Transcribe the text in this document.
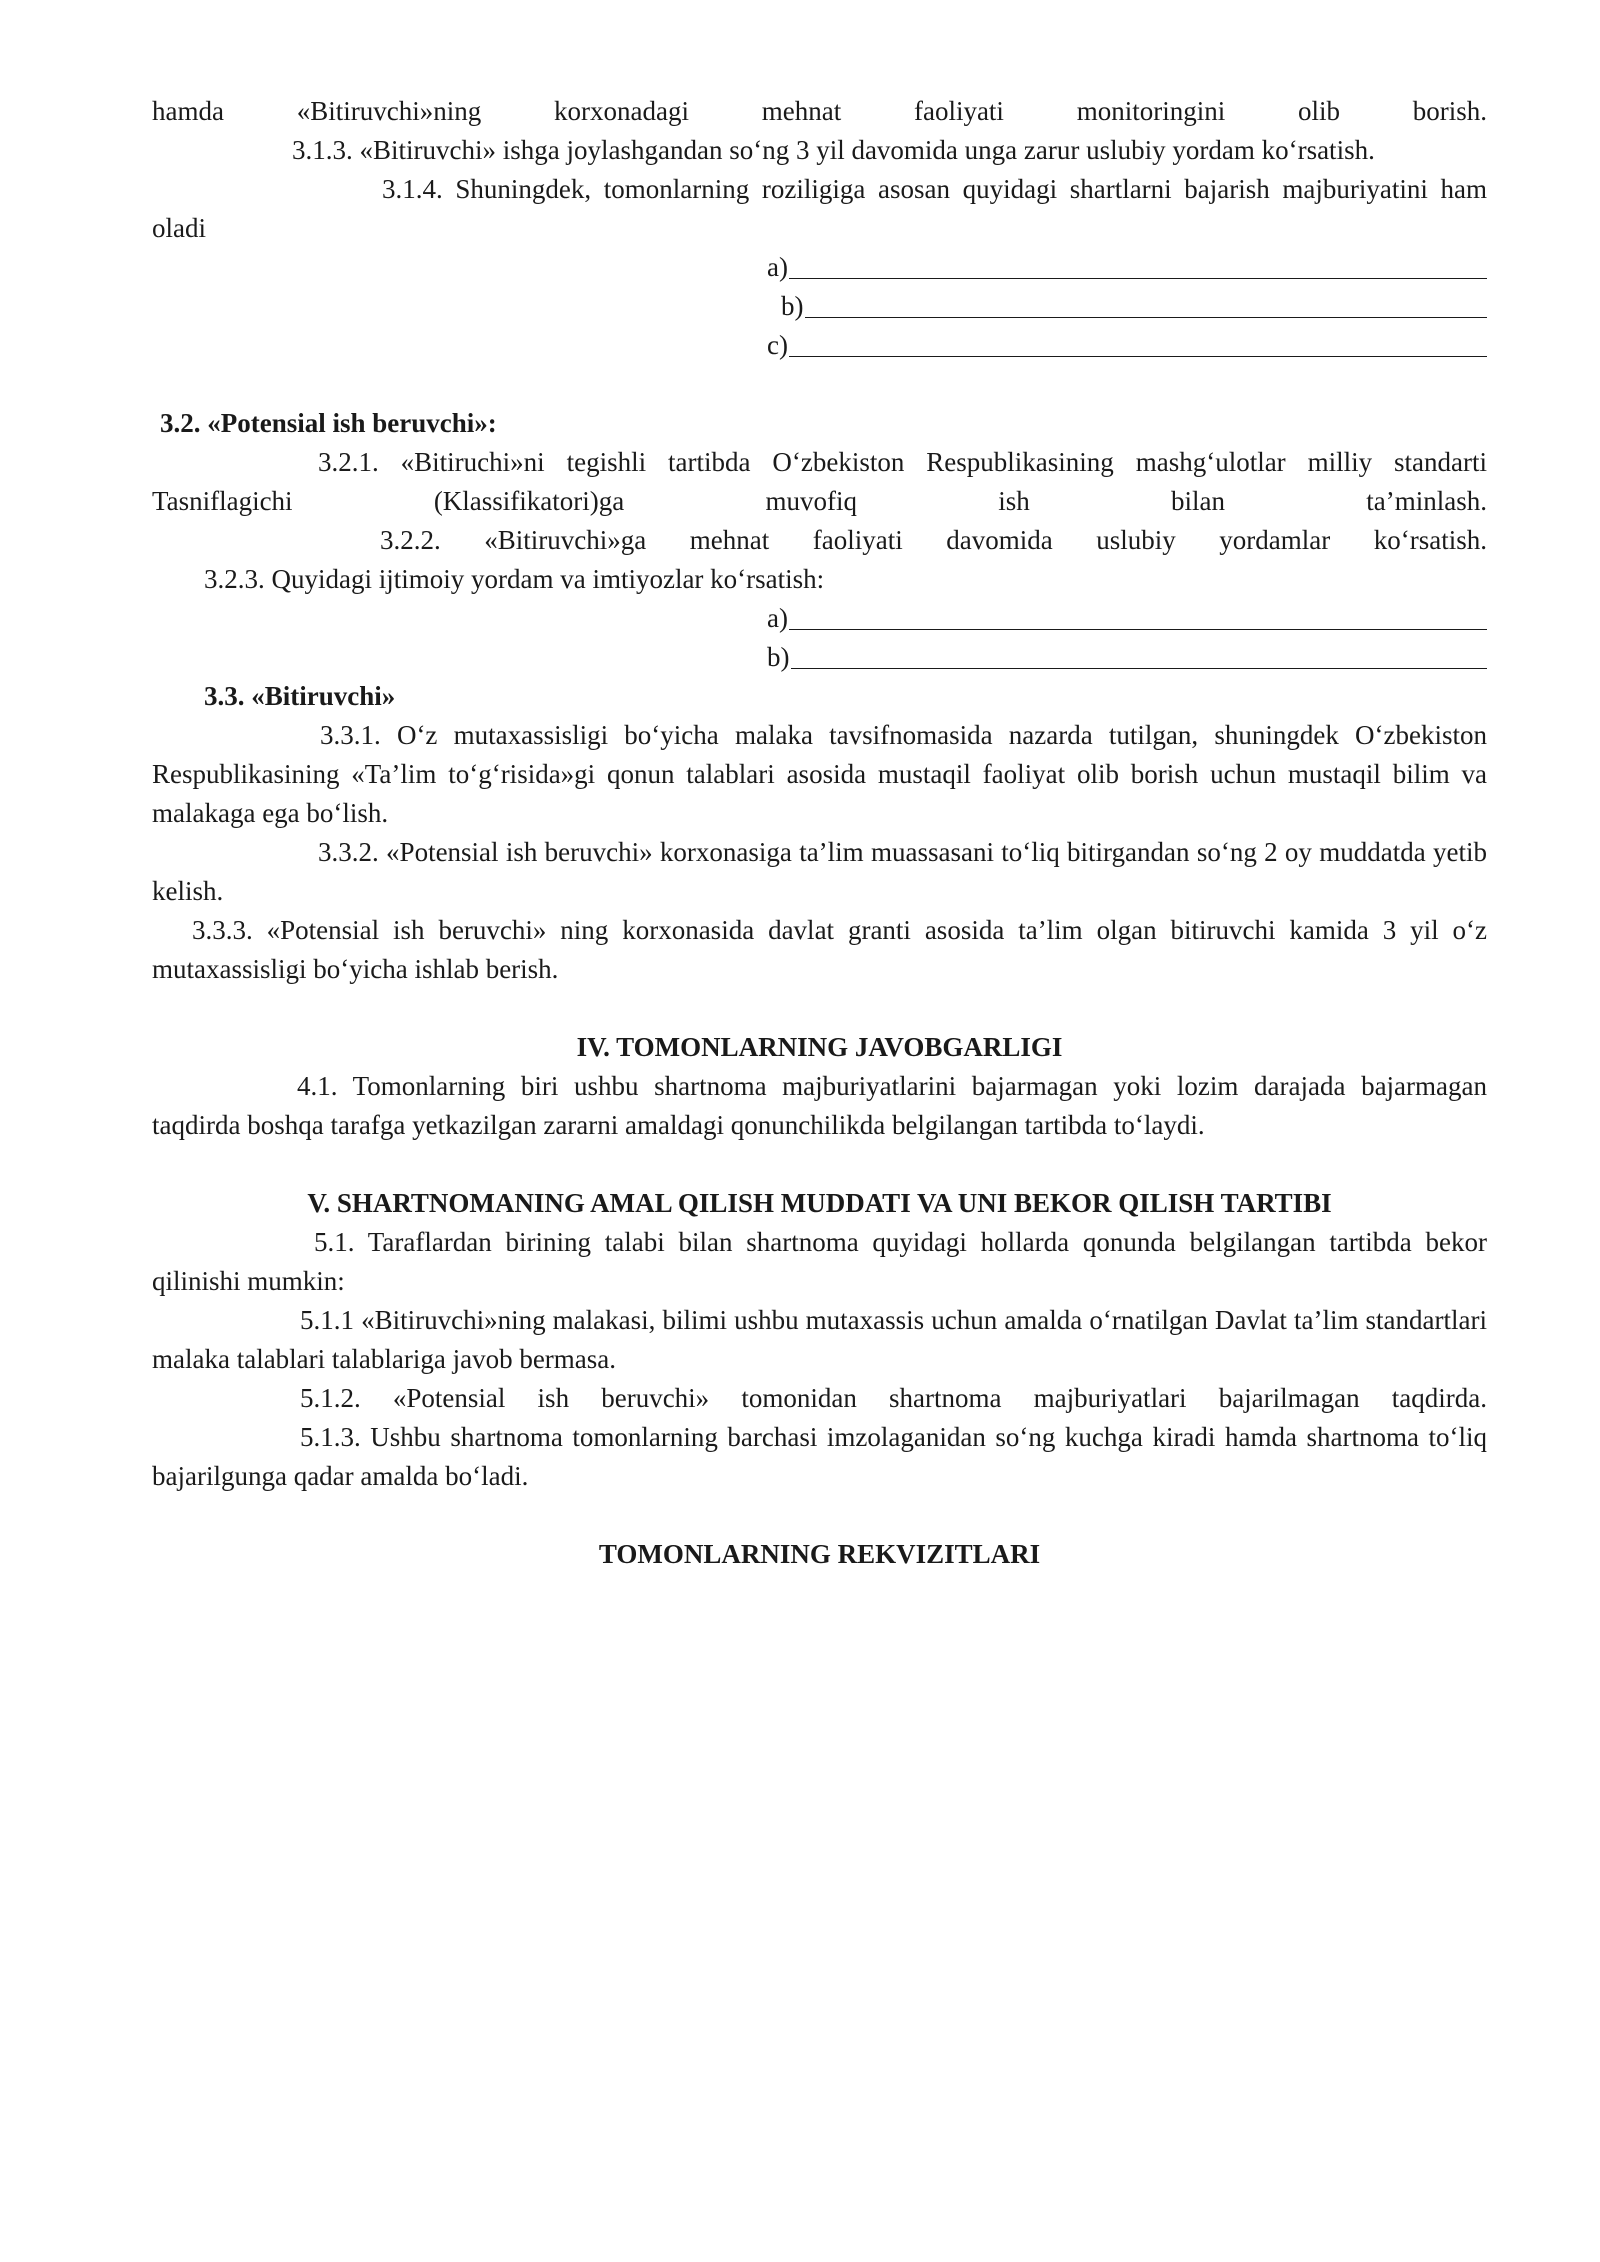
hamda «Bitiruvchi»ning korxonadagi mehnat faoliyati monitoringini olib borish.

3.1.3. «Bitiruvchi» ishga joylashgandan so‘ng 3 yil davomida unga zarur uslubiy yordam ko‘rsatish.

3.1.4. Shuningdek, tomonlarning roziligiga asosan quyidagi shartlarni bajarish majburiyatini ham oladi

a)
b)
c)

3.2. «Potensial ish beruvchi»:

3.2.1. «Bitiruchi»ni tegishli tartibda O‘zbekiston Respublikasining mashg‘ulotlar milliy standarti Tasniflagichi (Klassifikatori)ga muvofiq ish bilan ta’minlash.

3.2.2. «Bitiruvchi»ga mehnat faoliyati davomida uslubiy yordamlar ko‘rsatish.

3.2.3. Quyidagi ijtimoiy yordam va imtiyozlar ko‘rsatish:

a)
b)

3.3. «Bitiruvchi»

3.3.1. O‘z mutaxassisligi bo‘yicha malaka tavsifnomasida nazarda tutilgan, shuningdek O‘zbekiston Respublikasining «Ta’lim to‘g‘risida»gi qonun talablari asosida mustaqil faoliyat olib borish uchun mustaqil bilim va malakaga ega bo‘lish.

3.3.2. «Potensial ish beruvchi» korxonasiga ta’lim muassasani to‘liq bitirgandan so‘ng 2 oy muddatda yetib kelish.

3.3.3. «Potensial ish beruvchi» ning korxonasida davlat granti asosida ta’lim olgan bitiruvchi kamida 3 yil o‘z mutaxassisligi bo‘yicha ishlab berish.

IV. TOMONLARNING JAVOBGARLIGI

4.1. Tomonlarning biri ushbu shartnoma majburiyatlarini bajarmagan yoki lozim darajada bajarmagan taqdirda boshqa tarafga yetkazilgan zararni amaldagi qonunchilikda belgilangan tartibda to‘laydi.

V. SHARTNOMANING AMAL QILISH MUDDATI VA UNI BEKOR QILISH TARTIBI

5.1. Taraflardan birining talabi bilan shartnoma quyidagi hollarda qonunda belgilangan tartibda bekor qilinishi mumkin:

5.1.1 «Bitiruvchi»ning malakasi, bilimi ushbu mutaxassis uchun amalda o‘rnatilgan Davlat ta’lim standartlari malaka talablari talablariga javob bermasa.

5.1.2. «Potensial ish beruvchi» tomonidan shartnoma majburiyatlari bajarilmagan taqdirda.

5.1.3. Ushbu shartnoma tomonlarning barchasi imzolaganidan so‘ng kuchga kiradi hamda shartnoma to‘liq bajarilgunga qadar amalda bo‘ladi.

TOMONLARNING REKVIZITLARI
